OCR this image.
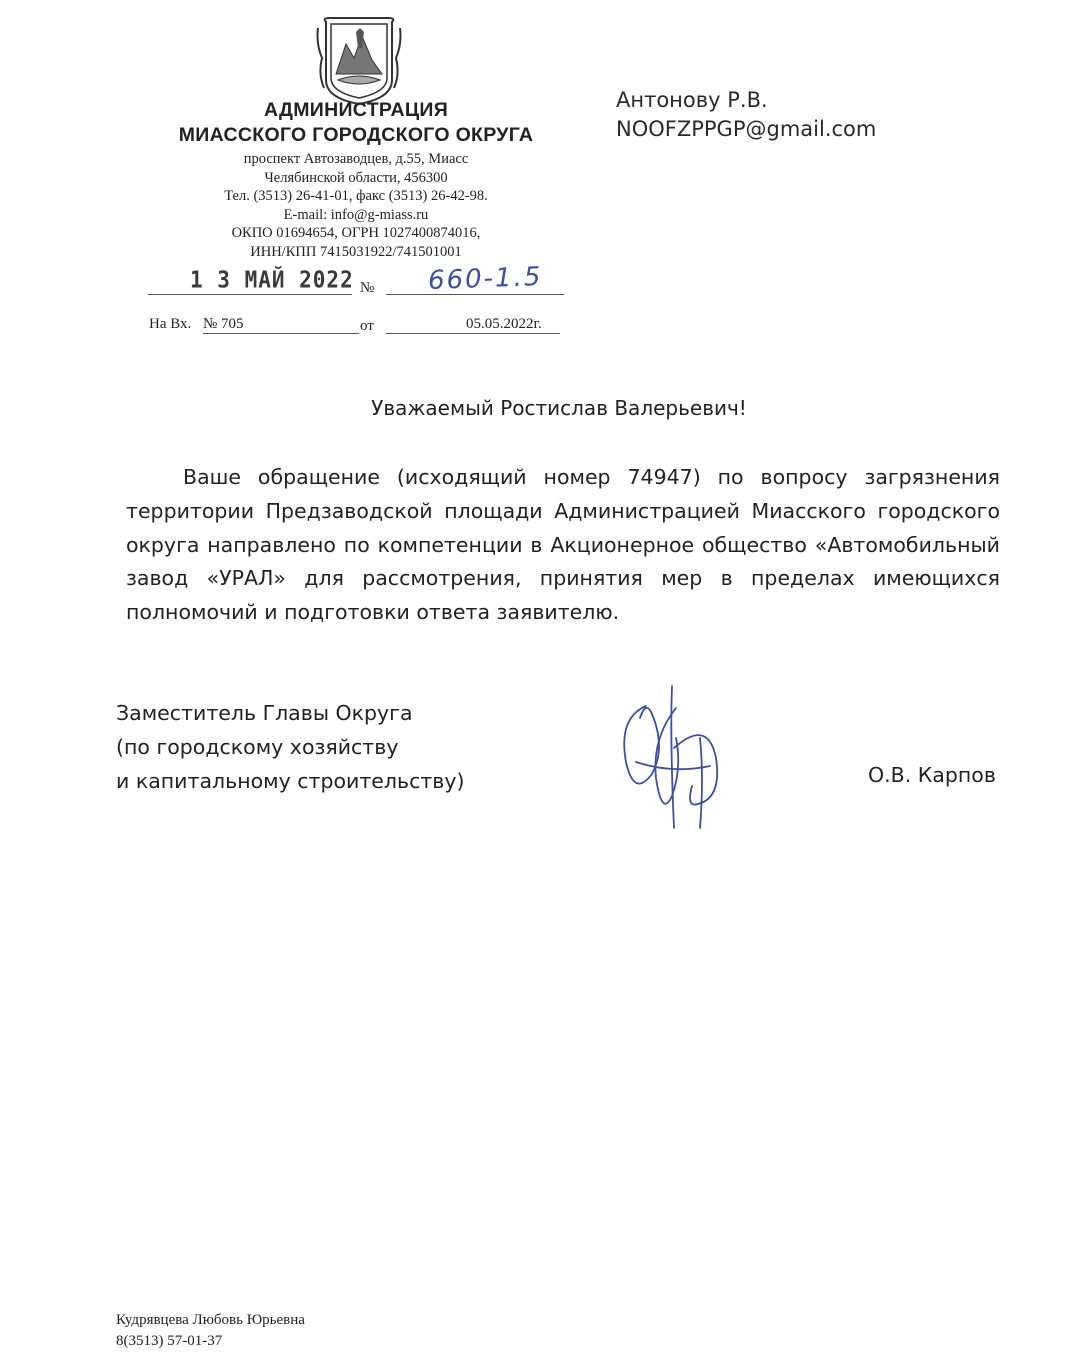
АДМИНИСТРАЦИЯ
МИАССКОГО ГОРОДСКОГО ОКРУГА
проспект Автозаводцев, д.55, Миасс
Челябинской области, 456300
Тел. (3513) 26-41-01, факс (3513) 26-42-98.
E-mail: info@g-miass.ru
ОКПО 01694654, ОГРН 1027400874016,
ИНН/КПП 7415031922/741501001
Антонову Р.В.
NOOFZPPGP@gmail.com
1 3 МАЙ 2022 № 660-1.5
На Вх. № 705	от	05.05.2022г.
Уважаемый Ростислав Валерьевич!

Ваше обращение (исходящий номер 74947) по вопросу загрязнения территории Предзаводской площади Администрацией Миасского городского округа направлено по компетенции в Акционерное общество «Автомобильный завод «УРАЛ» для рассмотрения, принятия мер в пределах имеющихся полномочий и подготовки ответа заявителю.

Заместитель Главы Округа
(по городскому хозяйству
и капитальному строительству)	О.В. Карпов
Кудрявцева Любовь Юрьевна
8(3513) 57-01-37
